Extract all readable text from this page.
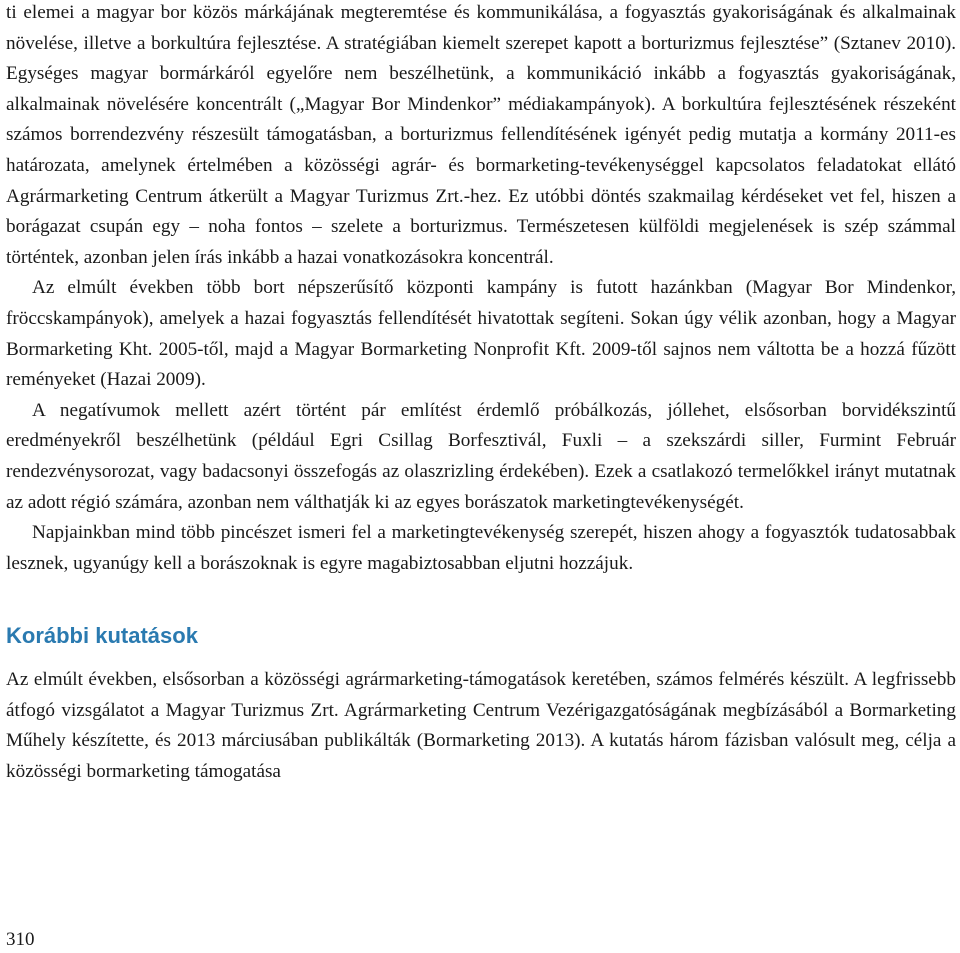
ti elemei a magyar bor közös márkájának megteremtése és kommunikálása, a fogyasztás gyakoriságának és alkalmainak növelése, illetve a borkultúra fejlesztése. A stratégiában kiemelt szerepet kapott a borturizmus fejlesztése” (Sztanev 2010). Egységes magyar bormárkáról egyelőre nem beszélhetünk, a kommunikáció inkább a fogyasztás gyakoriságának, alkalmainak növelésére koncentrált („Magyar Bor Mindenkor” médiakampányok). A borkultúra fejlesztésének részeként számos borrendezvény részesült támogatásban, a borturizmus fellendítésének igényét pedig mutatja a kormány 2011-es határozata, amelynek értelmében a közösségi agrár- és bormarketing-tevékenységgel kapcsolatos feladatokat ellátó Agrármarketing Centrum átkerült a Magyar Turizmus Zrt.-hez. Ez utóbbi döntés szakmailag kérdéseket vet fel, hiszen a borágazat csupán egy – noha fontos – szelete a borturizmus. Természetesen külföldi megjelenések is szép számmal történtek, azonban jelen írás inkább a hazai vonatkozásokra koncentrál.

Az elmúlt években több bort népszerűsítő központi kampány is futott hazánkban (Magyar Bor Mindenkor, fröccskampányok), amelyek a hazai fogyasztás fellendítését hivatottak segíteni. Sokan úgy vélik azonban, hogy a Magyar Bormarketing Kht. 2005-től, majd a Magyar Bormarketing Nonprofit Kft. 2009-től sajnos nem váltotta be a hozzá fűzött reményeket (Hazai 2009).

A negatívumok mellett azért történt pár említést érdemlő próbálkozás, jóllehet, elsősorban borvidékszintű eredményekről beszélhetünk (például Egri Csillag Borfesztivál, Fuxli – a szekszárdi siller, Furmint Február rendezvénysorozat, vagy badacsonyi összefogás az olaszrizling érdekében). Ezek a csatlakozó termelőkkel irányt mutatnak az adott régió számára, azonban nem válthatják ki az egyes borászatok marketingtevékenységét.

Napjainkban mind több pincészet ismeri fel a marketingtevékenység szerepét, hiszen ahogy a fogyasztók tudatosabbak lesznek, ugyanúgy kell a borászoknak is egyre magabiztosabban eljutni hozzájuk.

Korábbi kutatások

Az elmúlt években, elsősorban a közösségi agrármarketing-támogatások keretében, számos felmérés készült. A legfrissebb átfogó vizsgálatot a Magyar Turizmus Zrt. Agrármarketing Centrum Vezérigazgatóságának megbízásából a Bormarketing Műhely készítette, és 2013 márciusában publikálták (Bormarketing 2013). A kutatás három fázisban valósult meg, célja a közösségi bormarketing támogatása

310
